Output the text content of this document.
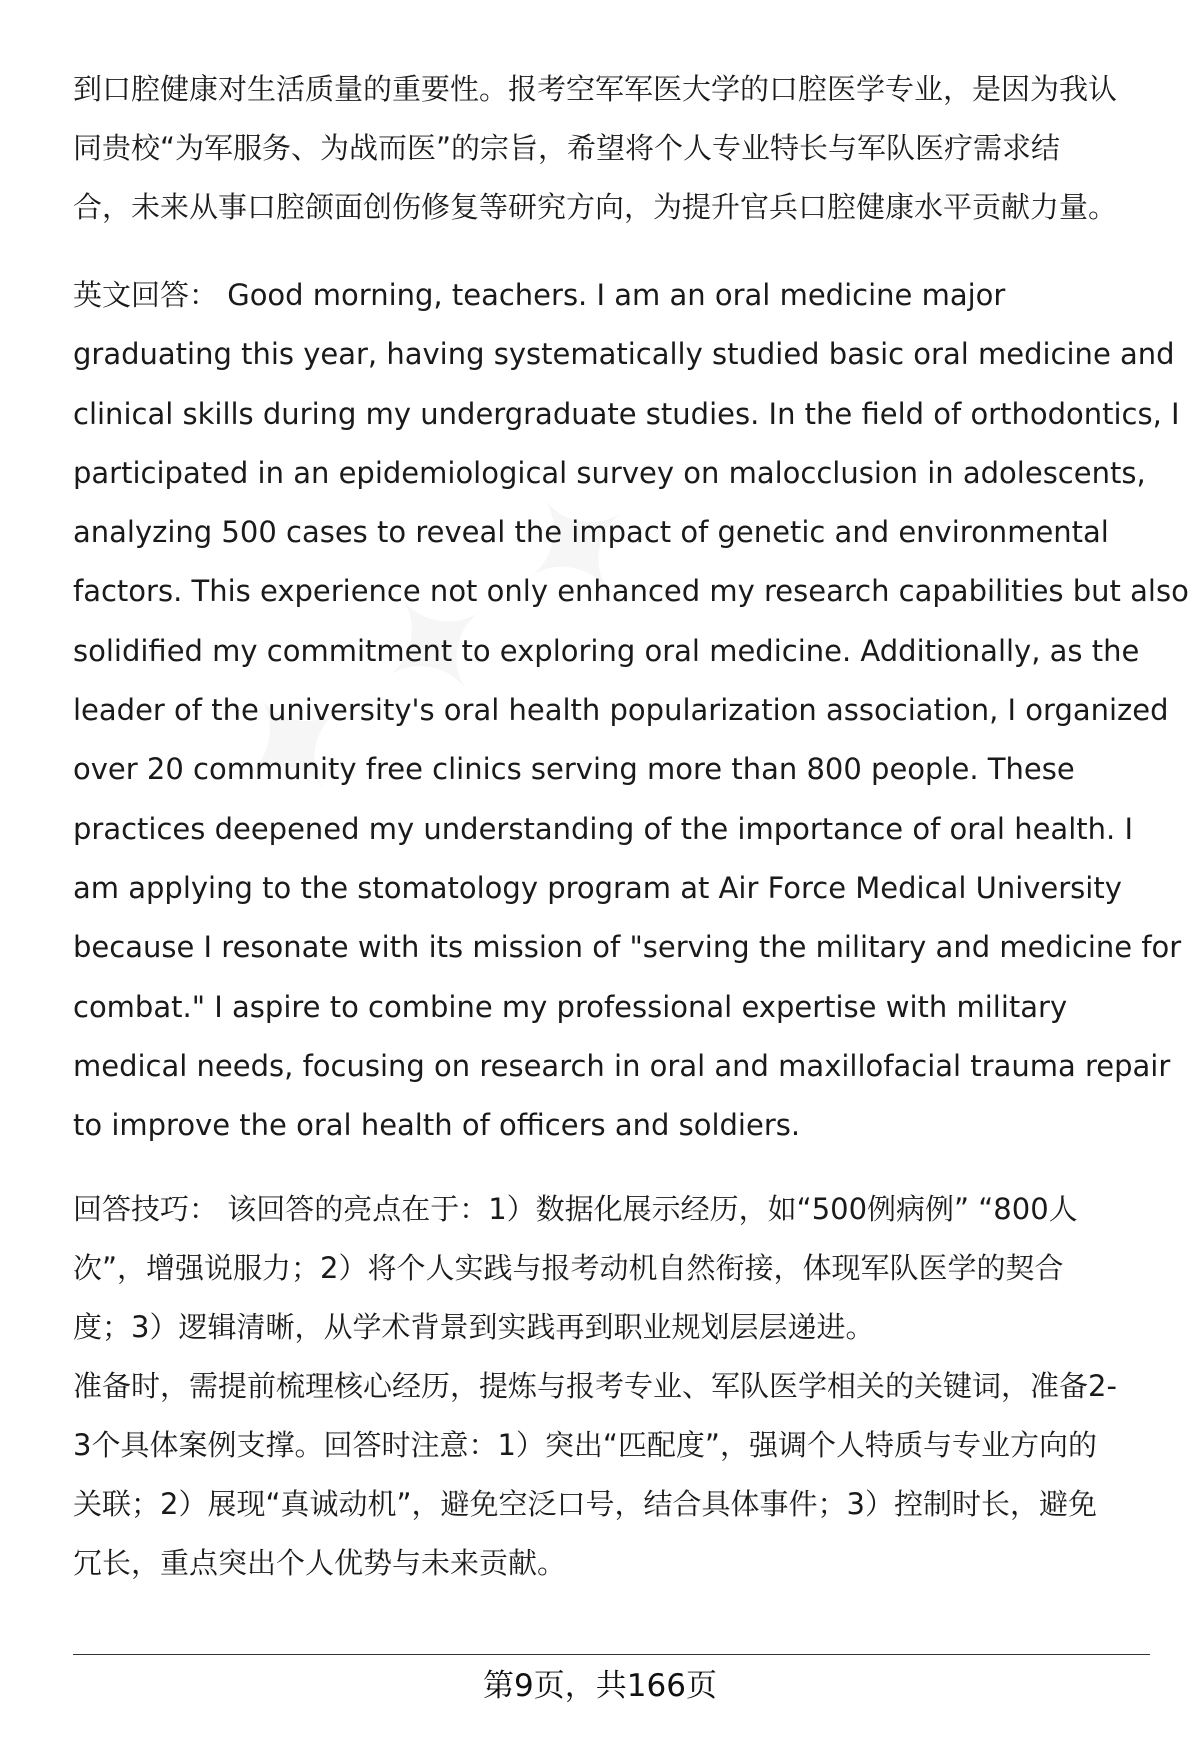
到口腔健康对生活质量的重要性。报考空军军医大学的口腔医学专业，是因为我认
同贵校“为军服务、为战而医”的宗旨，希望将个人专业特长与军队医疗需求结
合，未来从事口腔颌面创伤修复等研究方向，为提升官兵口腔健康水平贡献力量。

英文回答： Good morning, teachers. I am an oral medicine major
graduating this year, having systematically studied basic oral medicine and
clinical skills during my undergraduate studies. In the field of orthodontics, I
participated in an epidemiological survey on malocclusion in adolescents,
analyzing 500 cases to reveal the impact of genetic and environmental
factors. This experience not only enhanced my research capabilities but also
solidified my commitment to exploring oral medicine. Additionally, as the
leader of the university's oral health popularization association, I organized
over 20 community free clinics serving more than 800 people. These
practices deepened my understanding of the importance of oral health. I
am applying to the stomatology program at Air Force Medical University
because I resonate with its mission of "serving the military and medicine for
combat." I aspire to combine my professional expertise with military
medical needs, focusing on research in oral and maxillofacial trauma repair
to improve the oral health of officers and soldiers.

回答技巧： 该回答的亮点在于：1）数据化展示经历，如“500例病例” “800人
次”，增强说服力；2）将个人实践与报考动机自然衔接，体现军队医学的契合
度；3）逻辑清晰，从学术背景到实践再到职业规划层层递进。
准备时，需提前梳理核心经历，提炼与报考专业、军队医学相关的关键词，准备2-
3个具体案例支撑。回答时注意：1）突出“匹配度”，强调个人特质与专业方向的
关联；2）展现“真诚动机”，避免空泛口号，结合具体事件；3）控制时长，避免
冗长，重点突出个人优势与未来贡献。

第9页，共166页
